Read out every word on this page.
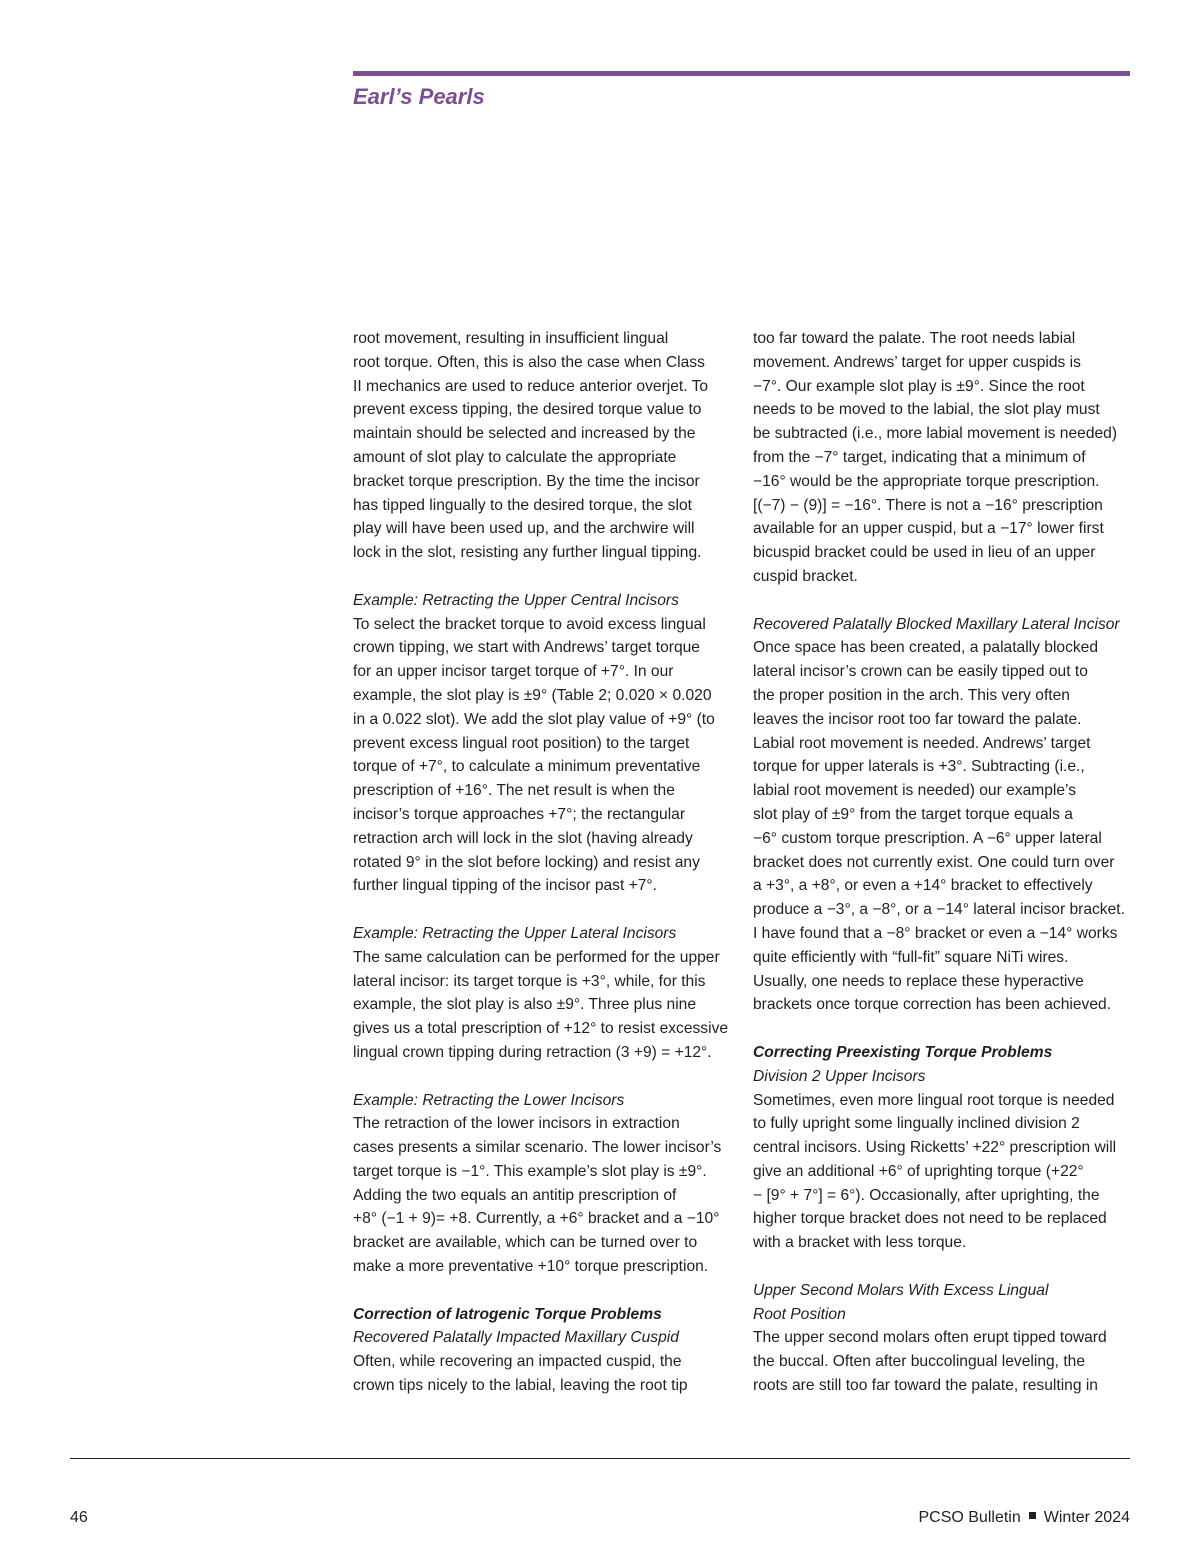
Earl’s Pearls
root movement, resulting in insufficient lingual
root torque. Often, this is also the case when Class
II mechanics are used to reduce anterior overjet. To
prevent excess tipping, the desired torque value to
maintain should be selected and increased by the
amount of slot play to calculate the appropriate
bracket torque prescription. By the time the incisor
has tipped lingually to the desired torque, the slot
play will have been used up, and the archwire will
lock in the slot, resisting any further lingual tipping.
Example: Retracting the Upper Central Incisors
To select the bracket torque to avoid excess lingual
crown tipping, we start with Andrews’ target torque
for an upper incisor target torque of +7°. In our
example, the slot play is ±9° (Table 2; 0.020 × 0.020
in a 0.022 slot). We add the slot play value of +9° (to
prevent excess lingual root position) to the target
torque of +7°, to calculate a minimum preventative
prescription of +16°. The net result is when the
incisor’s torque approaches +7°; the rectangular
retraction arch will lock in the slot (having already
rotated 9° in the slot before locking) and resist any
further lingual tipping of the incisor past +7°.
Example: Retracting the Upper Lateral Incisors
The same calculation can be performed for the upper
lateral incisor: its target torque is +3°, while, for this
example, the slot play is also ±9°. Three plus nine
gives us a total prescription of +12° to resist excessive
lingual crown tipping during retraction (3 +9) = +12°.
Example: Retracting the Lower Incisors
The retraction of the lower incisors in extraction
cases presents a similar scenario. The lower incisor’s
target torque is −1°. This example’s slot play is ±9°.
Adding the two equals an antitip prescription of
+8° (−1 + 9)= +8. Currently, a +6° bracket and a −10°
bracket are available, which can be turned over to
make a more preventative +10° torque prescription.
Correction of Iatrogenic Torque Problems
Recovered Palatally Impacted Maxillary Cuspid
Often, while recovering an impacted cuspid, the
crown tips nicely to the labial, leaving the root tip
too far toward the palate. The root needs labial
movement. Andrews’ target for upper cuspids is
−7°. Our example slot play is ±9°. Since the root
needs to be moved to the labial, the slot play must
be subtracted (i.e., more labial movement is needed)
from the −7° target, indicating that a minimum of
−16° would be the appropriate torque prescription.
[(−7) − (9)] = −16°. There is not a −16° prescription
available for an upper cuspid, but a −17° lower first
bicuspid bracket could be used in lieu of an upper
cuspid bracket.
Recovered Palatally Blocked Maxillary Lateral Incisor
Once space has been created, a palatally blocked
lateral incisor’s crown can be easily tipped out to
the proper position in the arch. This very often
leaves the incisor root too far toward the palate.
Labial root movement is needed. Andrews’ target
torque for upper laterals is +3°. Subtracting (i.e.,
labial root movement is needed) our example’s
slot play of ±9° from the target torque equals a
−6° custom torque prescription. A −6° upper lateral
bracket does not currently exist. One could turn over
a +3°, a +8°, or even a +14° bracket to effectively
produce a −3°, a −8°, or a −14° lateral incisor bracket.
I have found that a −8° bracket or even a −14° works
quite efficiently with “full-fit” square NiTi wires.
Usually, one needs to replace these hyperactive
brackets once torque correction has been achieved.
Correcting Preexisting Torque Problems
Division 2 Upper Incisors
Sometimes, even more lingual root torque is needed
to fully upright some lingually inclined division 2
central incisors. Using Ricketts’ +22° prescription will
give an additional +6° of uprighting torque (+22°
− [9° + 7°] = 6°). Occasionally, after uprighting, the
higher torque bracket does not need to be replaced
with a bracket with less torque.
Upper Second Molars With Excess Lingual
Root Position
The upper second molars often erupt tipped toward
the buccal. Often after buccolingual leveling, the
roots are still too far toward the palate, resulting in
46	PCSO Bulletin Winter 2024
